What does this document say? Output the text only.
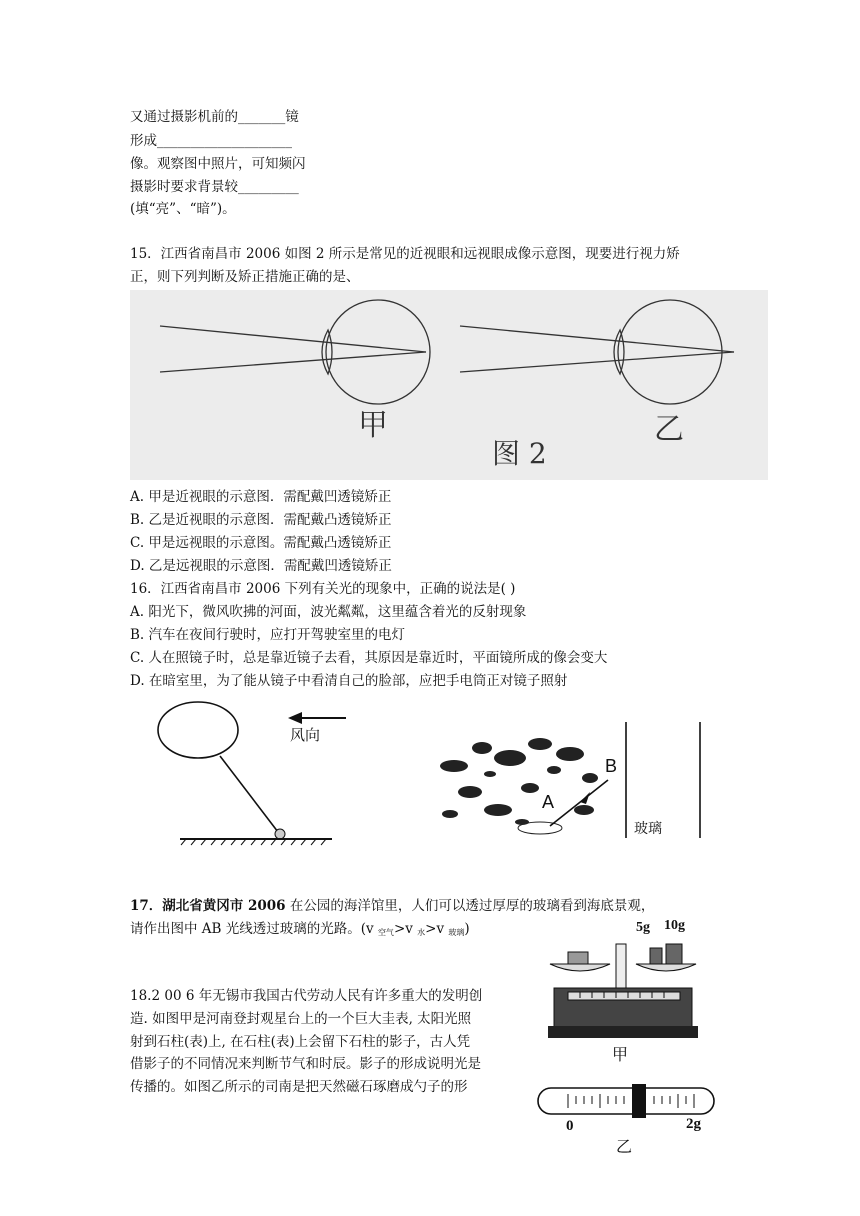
又通过摄影机前的_______镜
形成____________________
像。观察图中照片，可知频闪
摄影时要求背景较_________
(填“亮”、“暗”)。
15．江西省南昌市 2006 如图 2 所示是常见的近视眼和远视眼成像示意图，现要进行视力矫
正，则下列判断及矫正措施正确的是、
甲	乙
图 2
A. 甲是近视眼的示意图．需配戴凹透镜矫正
B. 乙是近视眼的示意图．需配戴凸透镜矫正
C. 甲是远视眼的示意图。需配戴凸透镜矫正
D. 乙是远视眼的示意图．需配戴凹透镜矫正
16．江西省南昌市 2006 下列有关光的现象中，正确的说法是( )
A. 阳光下，微风吹拂的河面，波光粼粼，这里蕴含着光的反射现象
B. 汽车在夜间行驶时，应打开驾驶室里的电灯
C. 人在照镜子时，总是靠近镜子去看，其原因是靠近时，平面镜所成的像会变大
D. 在暗室里，为了能从镜子中看清自己的脸部，应把手电筒正对镜子照射
风向
B
A
玻璃
17．湖北省黄冈市 2006 在公园的海洋馆里，人们可以透过厚厚的玻璃看到海底景观，
请作出图中 AB 光线透过玻璃的光路。(v $_{空气}$>v $_水$>v $_{玻璃}$)
18.2 00 6 年无锡市我国古代劳动人民有许多重大的发明创
造. 如图甲是河南登封观星台上的一个巨大圭表, 太阳光照
射到石柱(表)上, 在石柱(表)上会留下石柱的影子，古人凭
借影子的不同情况来判断节气和时辰。影子的形成说明光是
传播的。如图乙所示的司南是把天然磁石琢磨成勺子的形
5g 10g
甲
0	2g
乙
